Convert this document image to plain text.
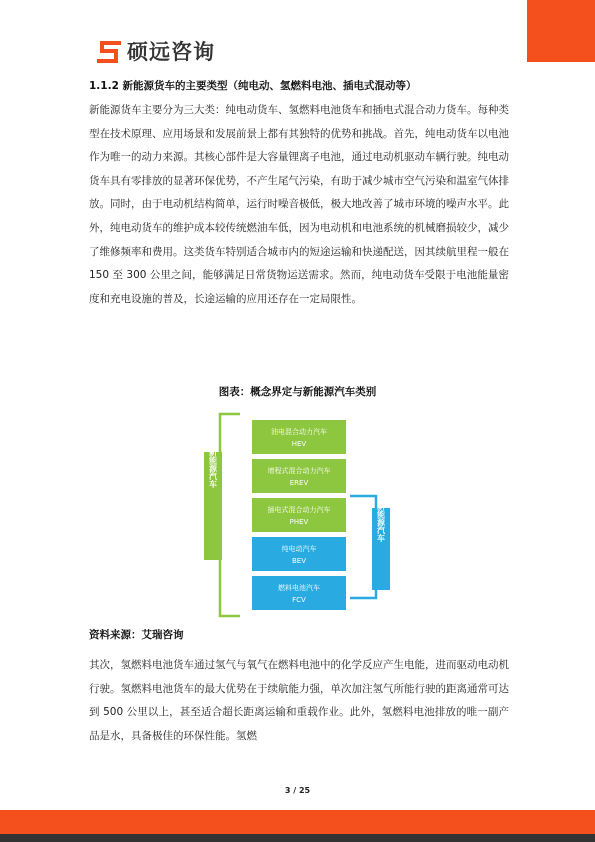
硕远咨询
1.1.2 新能源货车的主要类型（纯电动、氢燃料电池、插电式混动等）
新能源货车主要分为三大类：纯电动货车、氢燃料电池货车和插电式混合动力货车。每种类型在技术原理、应用场景和发展前景上都有其独特的优势和挑战。首先，纯电动货车以电池作为唯一的动力来源。其核心部件是大容量锂离子电池，通过电动机驱动车辆行驶。纯电动货车具有零排放的显著环保优势，不产生尾气污染，有助于减少城市空气污染和温室气体排放。同时，由于电动机结构简单，运行时噪音极低，极大地改善了城市环境的噪声水平。此外，纯电动货车的维护成本较传统燃油车低，因为电动机和电池系统的机械磨损较少，减少了维修频率和费用。这类货车特别适合城市内的短途运输和快递配送，因其续航里程一般在 150 至 300 公里之间，能够满足日常货物运送需求。然而，纯电动货车受限于电池能量密度和充电设施的普及，长途运输的应用还存在一定局限性。
图表：概念界定与新能源汽车类别
广义新能源汽车
狭义新能源汽车
油电混合动力汽车
HEV
增程式混合动力汽车
EREV
插电式混合动力汽车
PHEV
纯电动汽车
BEV
燃料电池汽车
FCV
资料来源：艾瑞咨询
其次，氢燃料电池货车通过氢气与氧气在燃料电池中的化学反应产生电能，进而驱动电动机行驶。氢燃料电池货车的最大优势在于续航能力强，单次加注氢气所能行驶的距离通常可达到 500 公里以上，甚至适合超长距离运输和重载作业。此外，氢燃料电池排放的唯一副产品是水，具备极佳的环保性能。氢燃
3 / 25
